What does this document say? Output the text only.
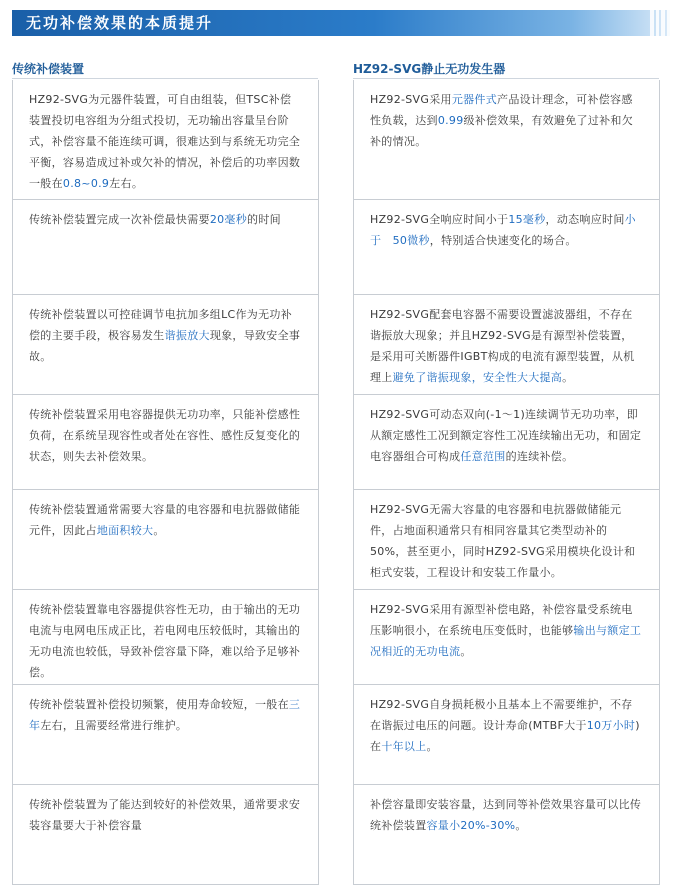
无功补偿效果的本质提升
传统补偿装置	HZ92-SVG静止无功发生器
HZ92-SVG为元器件装置，可自由组装，但TSC补偿装置投切电容组为分组式投切，无功输出容量呈台阶式，补偿容量不能连续可调，很难达到与系统无功完全平衡，容易造成过补或欠补的情况，补偿后的功率因数一般在0.8~0.9左右。
HZ92-SVG采用元器件式产品设计理念，可补偿容感性负载，达到0.99级补偿效果，有效避免了过补和欠补的情况。
传统补偿装置完成一次补偿最快需要20毫秒的时间	HZ92-SVG全响应时间小于15毫秒，动态响应时间小于　50微秒，特别适合快速变化的场合。
传统补偿装置以可控硅调节电抗加多组LC作为无功补偿的主要手段，极容易发生谐振放大现象，导致安全事故。
HZ92-SVG配套电容器不需要设置滤波器组，不存在谐振放大现象；并且HZ92-SVG是有源型补偿装置，是采用可关断器件IGBT构成的电流有源型装置，从机理上避免了谐振现象，安全性大大提高。
传统补偿装置采用电容器提供无功功率，只能补偿感性负荷，在系统呈现容性或者处在容性、感性反复变化的状态，则失去补偿效果。
HZ92-SVG可动态双向(-1～1)连续调节无功功率，即从额定感性工况到额定容性工况连续输出无功，和固定电容器组合可构成任意范围的连续补偿。
传统补偿装置通常需要大容量的电容器和电抗器做储能元件，因此占地面积较大。
HZ92-SVG无需大容量的电容器和电抗器做储能元件，占地面积通常只有相同容量其它类型动补的50%，甚至更小，同时HZ92-SVG采用模块化设计和柜式安装，工程设计和安装工作量小。
传统补偿装置靠电容器提供容性无功，由于输出的无功电流与电网电压成正比，若电网电压较低时，其输出的无功电流也较低，导致补偿容量下降，难以给予足够补偿。
HZ92-SVG采用有源型补偿电路，补偿容量受系统电压影响很小，在系统电压变低时，也能够输出与额定工况相近的无功电流。
传统补偿装置补偿投切频繁，使用寿命较短，一般在三年左右，且需要经常进行维护。
HZ92-SVG自身损耗极小且基本上不需要维护，不存在谐振过电压的问题。设计寿命(MTBF大于10万小时)在十年以上。
传统补偿装置为了能达到较好的补偿效果，通常要求安装容量要大于补偿容量
补偿容量即安装容量，达到同等补偿效果容量可以比传统补偿装置容量小20%-30%。
